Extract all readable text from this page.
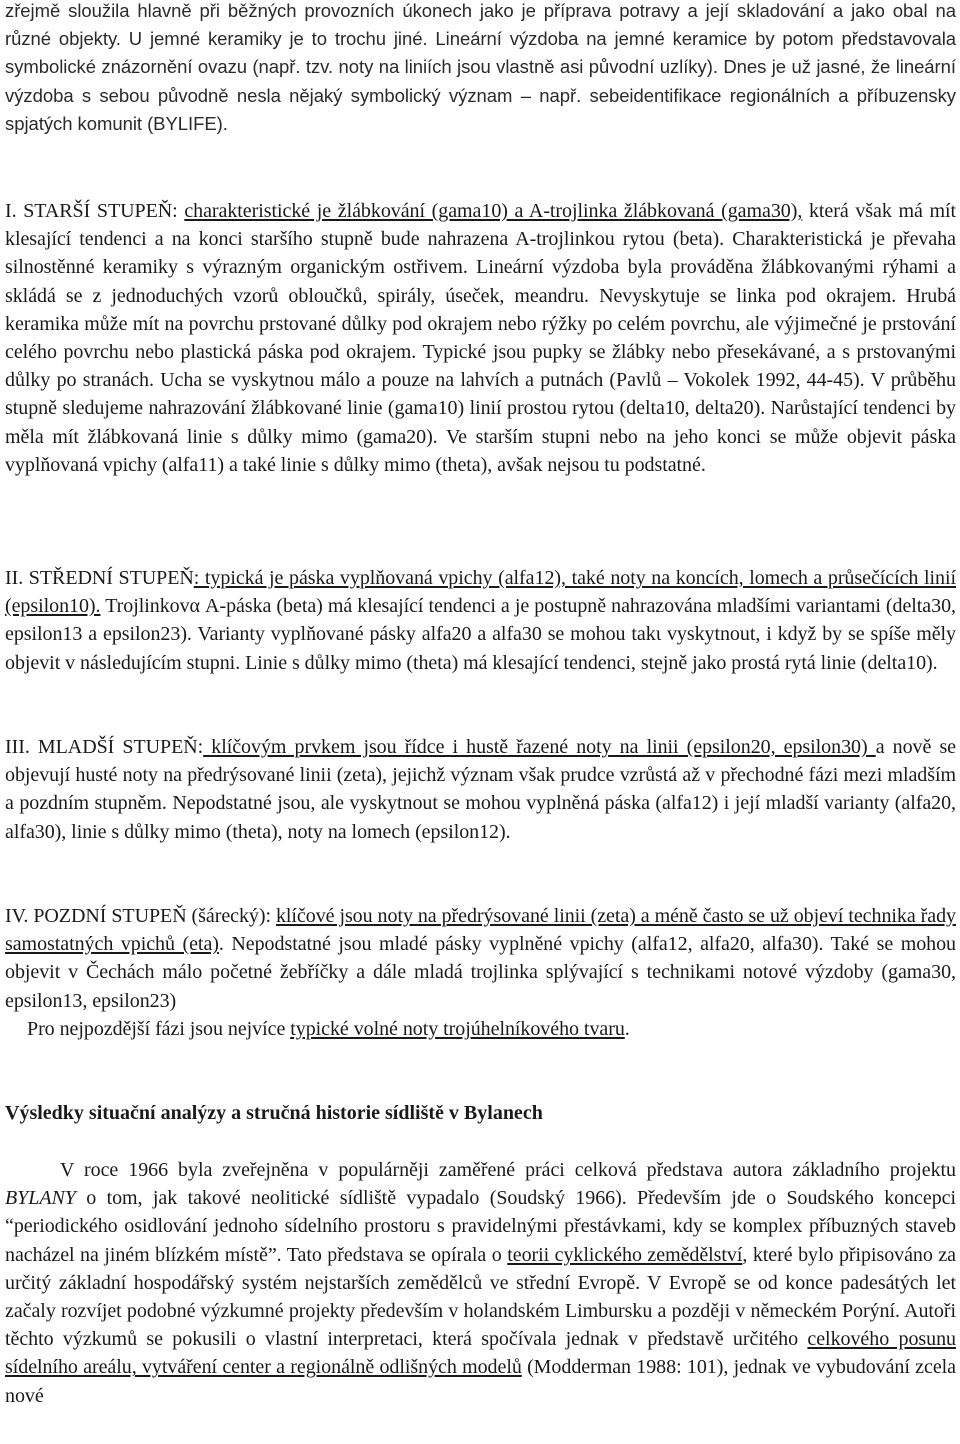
zřejmě sloužila hlavně při běžných provozních úkonech jako je příprava potravy a její skladování a jako obal na různé objekty. U jemné keramiky je to trochu jiné. Lineární výzdoba na jemné keramice by potom představovala symbolické znázornění ovazu (např. tzv. noty na liniích jsou vlastně asi původní uzlíky). Dnes je už jasné, že lineární výzdoba s sebou původně nesla nějaký symbolický význam – např. sebeidentifikace regionálních a příbuzensky spjatých komunit (BYLIFE).

I. STARŠÍ STUPEŇ: charakteristické je žlábkování (gama10) a A-trojlinka žlábkovaná (gama30), která však má mít klesající tendenci a na konci staršího stupně bude nahrazena A-trojlinkou rytou (beta). Charakteristická je převaha silnostěnné keramiky s výrazným organickým ostřivem. Lineární výzdoba byla prováděna žlábkovanými rýhami a skládá se z jednoduchých vzorů obloučků, spirály, úseček, meandru. Nevyskytuje se linka pod okrajem. Hrubá keramika může mít na povrchu prstované důlky pod okrajem nebo rýžky po celém povrchu, ale výjimečné je prstování celého povrchu nebo plastická páska pod okrajem. Typické jsou pupky se žlábky nebo přesekávané, a s prstovanými důlky po stranách. Ucha se vyskytnou málo a pouze na lahvích a putnách (Pavlů – Vokolek 1992, 44-45). V průběhu stupně sledujeme nahrazování žlábkované linie (gama10) linií prostou rytou (delta10, delta20). Narůstající tendenci by měla mít žlábkovaná linie s důlky mimo (gama20). Ve starším stupni nebo na jeho konci se může objevit páska vyplňovaná vpichy (alfa11) a také linie s důlky mimo (theta), avšak nejsou tu podstatné.

II. STŘEDNÍ STUPEŇ: typická je páska vyplňovaná vpichy (alfa12), také noty na koncích, lomech a průsečících linií (epsilon10). Trojlinkovα A-páska (beta) má klesající tendenci a je postupně nahrazována mladšími variantami (delta30, epsilon13 a epsilon23). Varianty vyplňované pásky alfa20 a alfa30 se mohou takι vyskytnout, i když by se spíše měly objevit v následujícím stupni. Linie s důlky mimo (theta) má klesající tendenci, stejně jako prostá rytá linie (delta10).

III. MLADŠÍ STUPEŇ: klíčovým prvkem jsou řídce i hustě řazené noty na linii (epsilon20, epsilon30) a nově se objevují husté noty na předrýsované linii (zeta), jejichž význam však prudce vzrůstá až v přechodné fázi mezi mladším a pozdním stupněm. Nepodstatné jsou, ale vyskytnout se mohou vyplněná páska (alfa12) i její mladší varianty (alfa20, alfa30), linie s důlky mimo (theta), noty na lomech (epsilon12).

IV. POZDNÍ STUPEŇ (šárecký): klíčové jsou noty na předrýsované linii (zeta) a méně často se už objeví technika řady samostatných vpichů (eta). Nepodstatné jsou mladé pásky vyplněné vpichy (alfa12, alfa20, alfa30). Také se mohou objevit v Čechách málo početné žebříčky a dále mladá trojlinka splývající s technikami notové výzdoby (gama30, epsilon13, epsilon23)
Pro nejpozdější fázi jsou nejvíce typické volné noty trojúhelníkového tvaru.

Výsledky situační analýzy a stručná historie sídliště v Bylanech

V roce 1966 byla zveřejněna v populárněji zaměřené práci celková představa autora základního projektu BYLANY o tom, jak takové neolitické sídliště vypadalo (Soudský 1966). Především jde o Soudského koncepci “periodického osidlování jednoho sídelního prostoru s pravidelnými přestávkami, kdy se komplex příbuzných staveb nacházel na jiném blízkém místě”. Tato představa se opírala o teorii cyklického zemědělství, které bylo připisováno za určitý základní hospodářský systém nejstarších zemědělců ve střední Evropě. V Evropě se od konce padesátých let začaly rozvíjet podobné výzkumné projekty především v holandském Limbursku a později v německém Porýní. Autoři těchto výzkumů se pokusili o vlastní interpretaci, která spočívala jednak v představě určitého celkového posunu sídelního areálu, vytváření center a regionálně odlišných modelů (Modderman 1988: 101), jednak ve vybudování zcela nové
